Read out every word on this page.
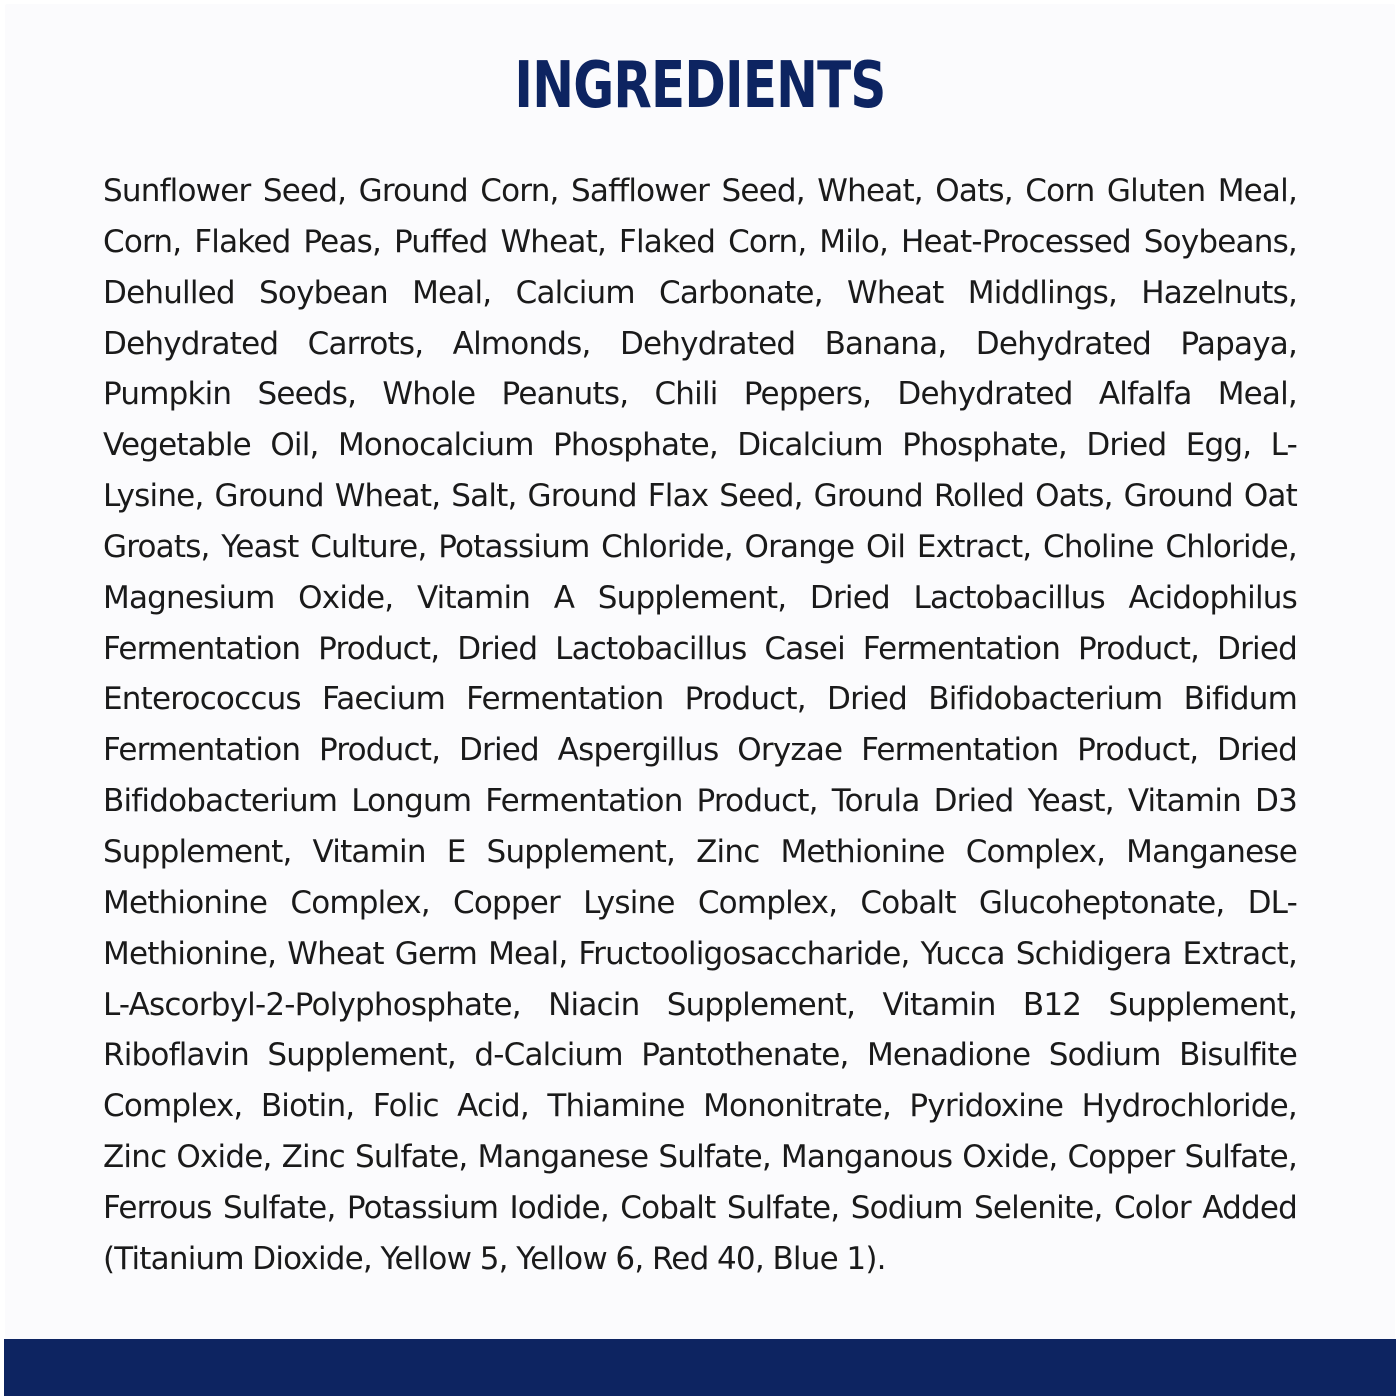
INGREDIENTS

Sunflower Seed, Ground Corn, Safflower Seed, Wheat, Oats, Corn Gluten Meal, Corn, Flaked Peas, Puffed Wheat, Flaked Corn, Milo, Heat-Processed Soybeans, Dehulled Soybean Meal, Calcium Carbonate, Wheat Middlings, Hazelnuts, Dehydrated Carrots, Almonds, Dehydrated Banana, Dehydrated Papaya, Pumpkin Seeds, Whole Peanuts, Chili Peppers, Dehydrated Alfalfa Meal, Vegetable Oil, Monocalcium Phosphate, Dicalcium Phosphate, Dried Egg, L-Lysine, Ground Wheat, Salt, Ground Flax Seed, Ground Rolled Oats, Ground Oat Groats, Yeast Culture, Potassium Chloride, Orange Oil Extract, Choline Chloride, Magnesium Oxide, Vitamin A Supplement, Dried Lactobacillus Acidophilus Fermentation Product, Dried Lactobacillus Casei Fermentation Product, Dried Enterococcus Faecium Fermentation Product, Dried Bifidobacterium Bifidum Fermentation Product, Dried Aspergillus Oryzae Fermentation Product, Dried Bifidobacterium Longum Fermentation Product, Torula Dried Yeast, Vitamin D3 Supplement, Vitamin E Supplement, Zinc Methionine Complex, Manganese Methionine Complex, Copper Lysine Complex, Cobalt Glucoheptonate, DL-Methionine, Wheat Germ Meal, Fructooligosaccharide, Yucca Schidigera Extract, L-Ascorbyl-2-Polyphosphate, Niacin Supplement, Vitamin B12 Supplement, Riboflavin Supplement, d-Calcium Pantothenate, Menadione Sodium Bisulfite Complex, Biotin, Folic Acid, Thiamine Mononitrate, Pyridoxine Hydrochloride, Zinc Oxide, Zinc Sulfate, Manganese Sulfate, Manganous Oxide, Copper Sulfate, Ferrous Sulfate, Potassium Iodide, Cobalt Sulfate, Sodium Selenite, Color Added (Titanium Dioxide, Yellow 5, Yellow 6, Red 40, Blue 1).
